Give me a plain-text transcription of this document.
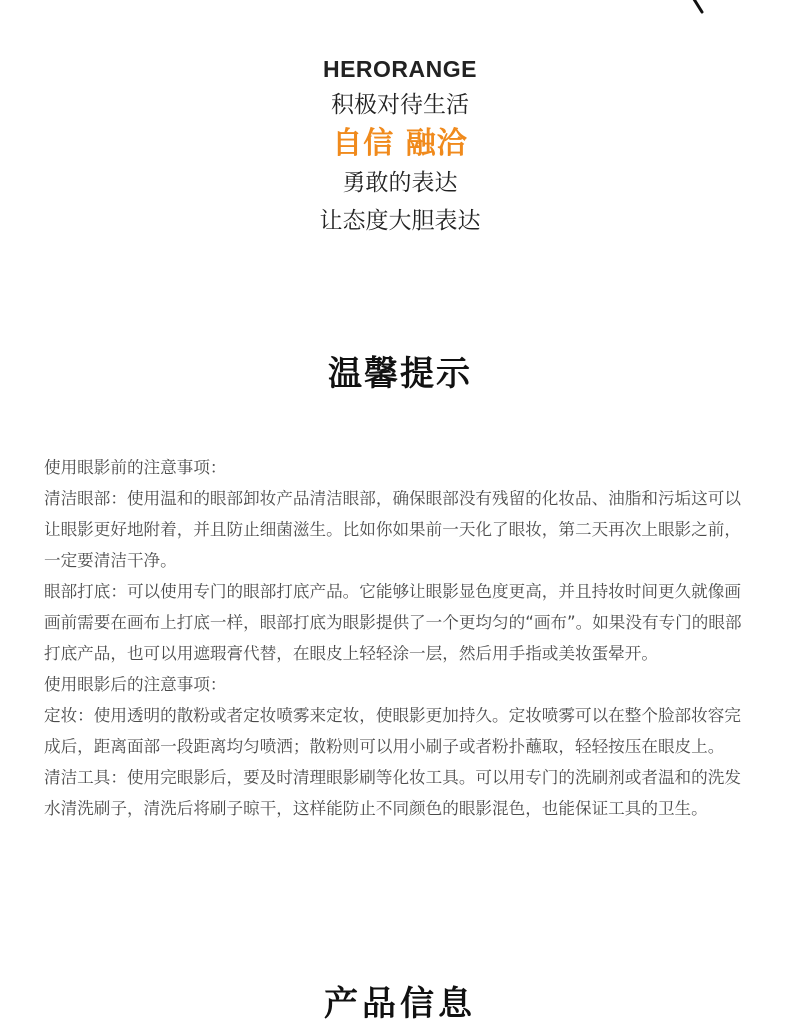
HERORANGE
积极对待生活
自信 融洽
勇敢的表达
让态度大胆表达
温馨提示

使用眼影前的注意事项：

清洁眼部：使用温和的眼部卸妆产品清洁眼部，确保眼部没有残留的化妆品、油脂和污垢这可以让眼影更好地附着，并且防止细菌滋生。比如你如果前一天化了眼妆，第二天再次上眼影之前，一定要清洁干净。

眼部打底：可以使用专门的眼部打底产品。它能够让眼影显色度更高，并且持妆时间更久就像画画前需要在画布上打底一样，眼部打底为眼影提供了一个更均匀的“画布”。如果没有专门的眼部打底产品，也可以用遮瑕膏代替，在眼皮上轻轻涂一层，然后用手指或美妆蛋晕开。

使用眼影后的注意事项：

定妆：使用透明的散粉或者定妆喷雾来定妆，使眼影更加持久。定妆喷雾可以在整个脸部妆容完成后，距离面部一段距离均匀喷洒；散粉则可以用小刷子或者粉扑蘸取，轻轻按压在眼皮上。

清洁工具：使用完眼影后，要及时清理眼影刷等化妆工具。可以用专门的洗刷剂或者温和的洗发水清洗刷子，清洗后将刷子晾干，这样能防止不同颜色的眼影混色，也能保证工具的卫生。

产品信息
